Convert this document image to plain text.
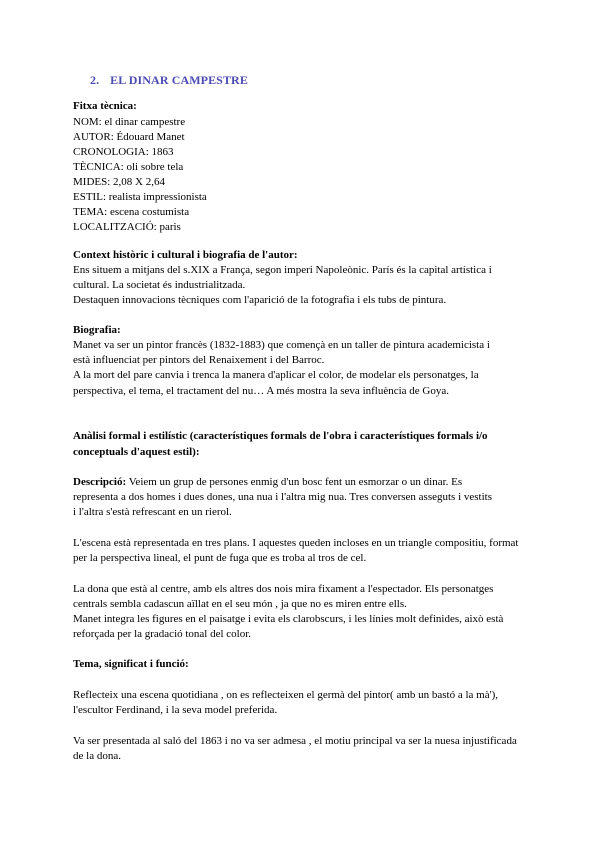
2. EL DINAR CAMPESTRE
Fitxa tècnica:
NOM: el dinar campestre
AUTOR: Édouard Manet
CRONOLOGIA: 1863
TÈCNICA: oli sobre tela
MIDES: 2,08 X 2,64
ESTIL: realista impressionista
TEMA: escena costumista
LOCALITZACIÓ: paris
Context històric i cultural i biografia de l'autor:
Ens situem a mitjans del s.XIX a França, segon imperi Napoleònic. París és la capital artística i
cultural. La societat és industrialitzada.
Destaquen innovacions tècniques com l'aparició de la fotografia i els tubs de pintura.
Biografia:
Manet va ser un pintor francès (1832-1883) que començà en un taller de pintura academicista i
està influenciat per pintors del Renaixement i del Barroc.
A la mort del pare canvia i trenca la manera d'aplicar el color, de modelar els personatges, la
perspectiva, el tema, el tractament del nu… A més mostra la seva influència de Goya.
Anàlisi formal i estilístic (característiques formals de l'obra i característiques formals i/o
conceptuals d'aquest estil):
Descripció: Veiem un grup de persones enmig d'un bosc fent un esmorzar o un dinar. Es
representa a dos homes i dues dones, una nua i l'altra mig nua. Tres conversen asseguts i vestits
i l'altra s'està refrescant en un rierol.
L'escena està representada en tres plans. I aquestes queden incloses en un triangle compositiu, format
per la perspectiva lineal, el punt de fuga que es troba al tros de cel.
La dona que està al centre, amb els altres dos nois mira fixament a l'espectador. Els personatges
centrals sembla cadascun aïllat en el seu món , ja que no es miren entre ells.
Manet integra les figures en el paisatge i evita els clarobscurs, i les línies molt definides, això està
reforçada per la gradació tonal del color.
Tema, significat i funció:
Reflecteix una escena quotidiana , on es reflecteixen el germà del pintor( amb un bastó a la mà'),
l'escultor Ferdinand, i la seva model preferida.
Va ser presentada al saló del 1863 i no va ser admesa , el motiu principal va ser la nuesa injustificada
de la dona.
